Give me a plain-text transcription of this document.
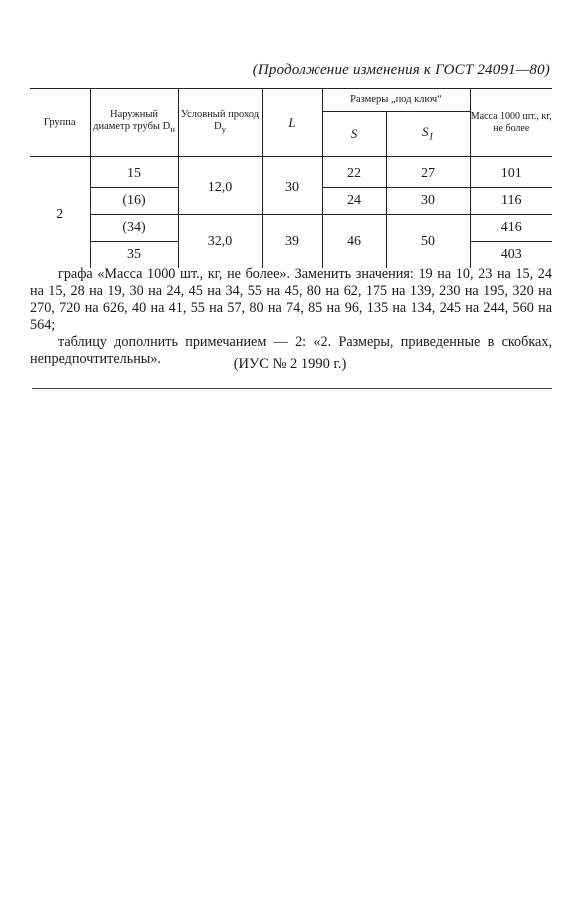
(Продолжение изменения к ГОСТ 24091—80)
Группа	Наружный диаметр трубы $D_н$	Условный проход $D_у$	L	Размеры „под ключ“		Масса 1000 шт., кг, не более
				S	$S_1$
2	15	12,0	30	22	27	101
	(16)			24	30	116
	(34)	32,0	39	46	50	416
	35					403

графа «Масса 1000 шт., кг, не более». Заменить значения: 19 на 10, 23 на 15, 24 на 15, 28 на 19, 30 на 24, 45 на 34, 55 на 45, 80 на 62, 175 на 139, 230 на 195, 320 на 270, 720 на 626, 40 на 41, 55 на 57, 80 на 74, 85 на 96, 135 на 134, 245 на 244, 560 на 564;

таблицу дополнить примечанием — 2: «2. Размеры, приведенные в скобках, непредпочтительны».	(ИУС № 2 1990 г.)
